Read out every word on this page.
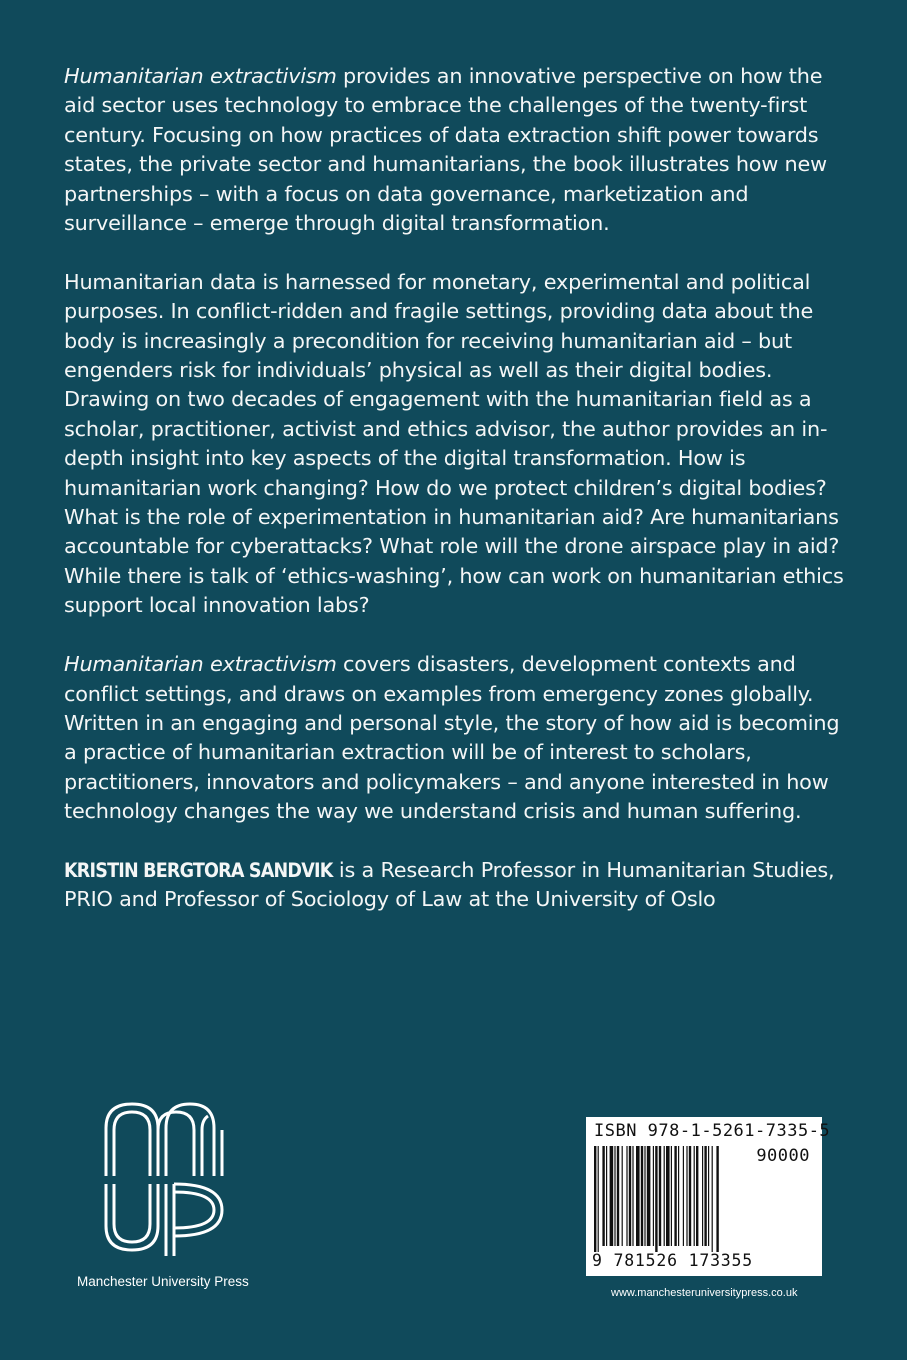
Humanitarian extractivism provides an innovative perspective on how the aid sector uses technology to embrace the challenges of the twenty-first century. Focusing on how practices of data extraction shift power towards states, the private sector and humanitarians, the book illustrates how new partnerships – with a focus on data governance, marketization and surveillance – emerge through digital transformation.

Humanitarian data is harnessed for monetary, experimental and political purposes. In conflict-ridden and fragile settings, providing data about the body is increasingly a precondition for receiving humanitarian aid – but engenders risk for individuals’ physical as well as their digital bodies. Drawing on two decades of engagement with the humanitarian field as a scholar, practitioner, activist and ethics advisor, the author provides an in-depth insight into key aspects of the digital transformation. How is humanitarian work changing? How do we protect children’s digital bodies? What is the role of experimentation in humanitarian aid? Are humanitarians accountable for cyberattacks? What role will the drone airspace play in aid? While there is talk of ‘ethics-washing’, how can work on humanitarian ethics support local innovation labs?

Humanitarian extractivism covers disasters, development contexts and conflict settings, and draws on examples from emergency zones globally. Written in an engaging and personal style, the story of how aid is becoming a practice of humanitarian extraction will be of interest to scholars, practitioners, innovators and policymakers – and anyone interested in how technology changes the way we understand crisis and human suffering.

KRISTIN BERGTORA SANDVIK is a Research Professor in Humanitarian Studies, PRIO and Professor of Sociology of Law at the University of Oslo

Manchester University Press
ISBN 978-1-5261-7335-5
90000
9 781526 173355
www.manchesteruniversitypress.co.uk
